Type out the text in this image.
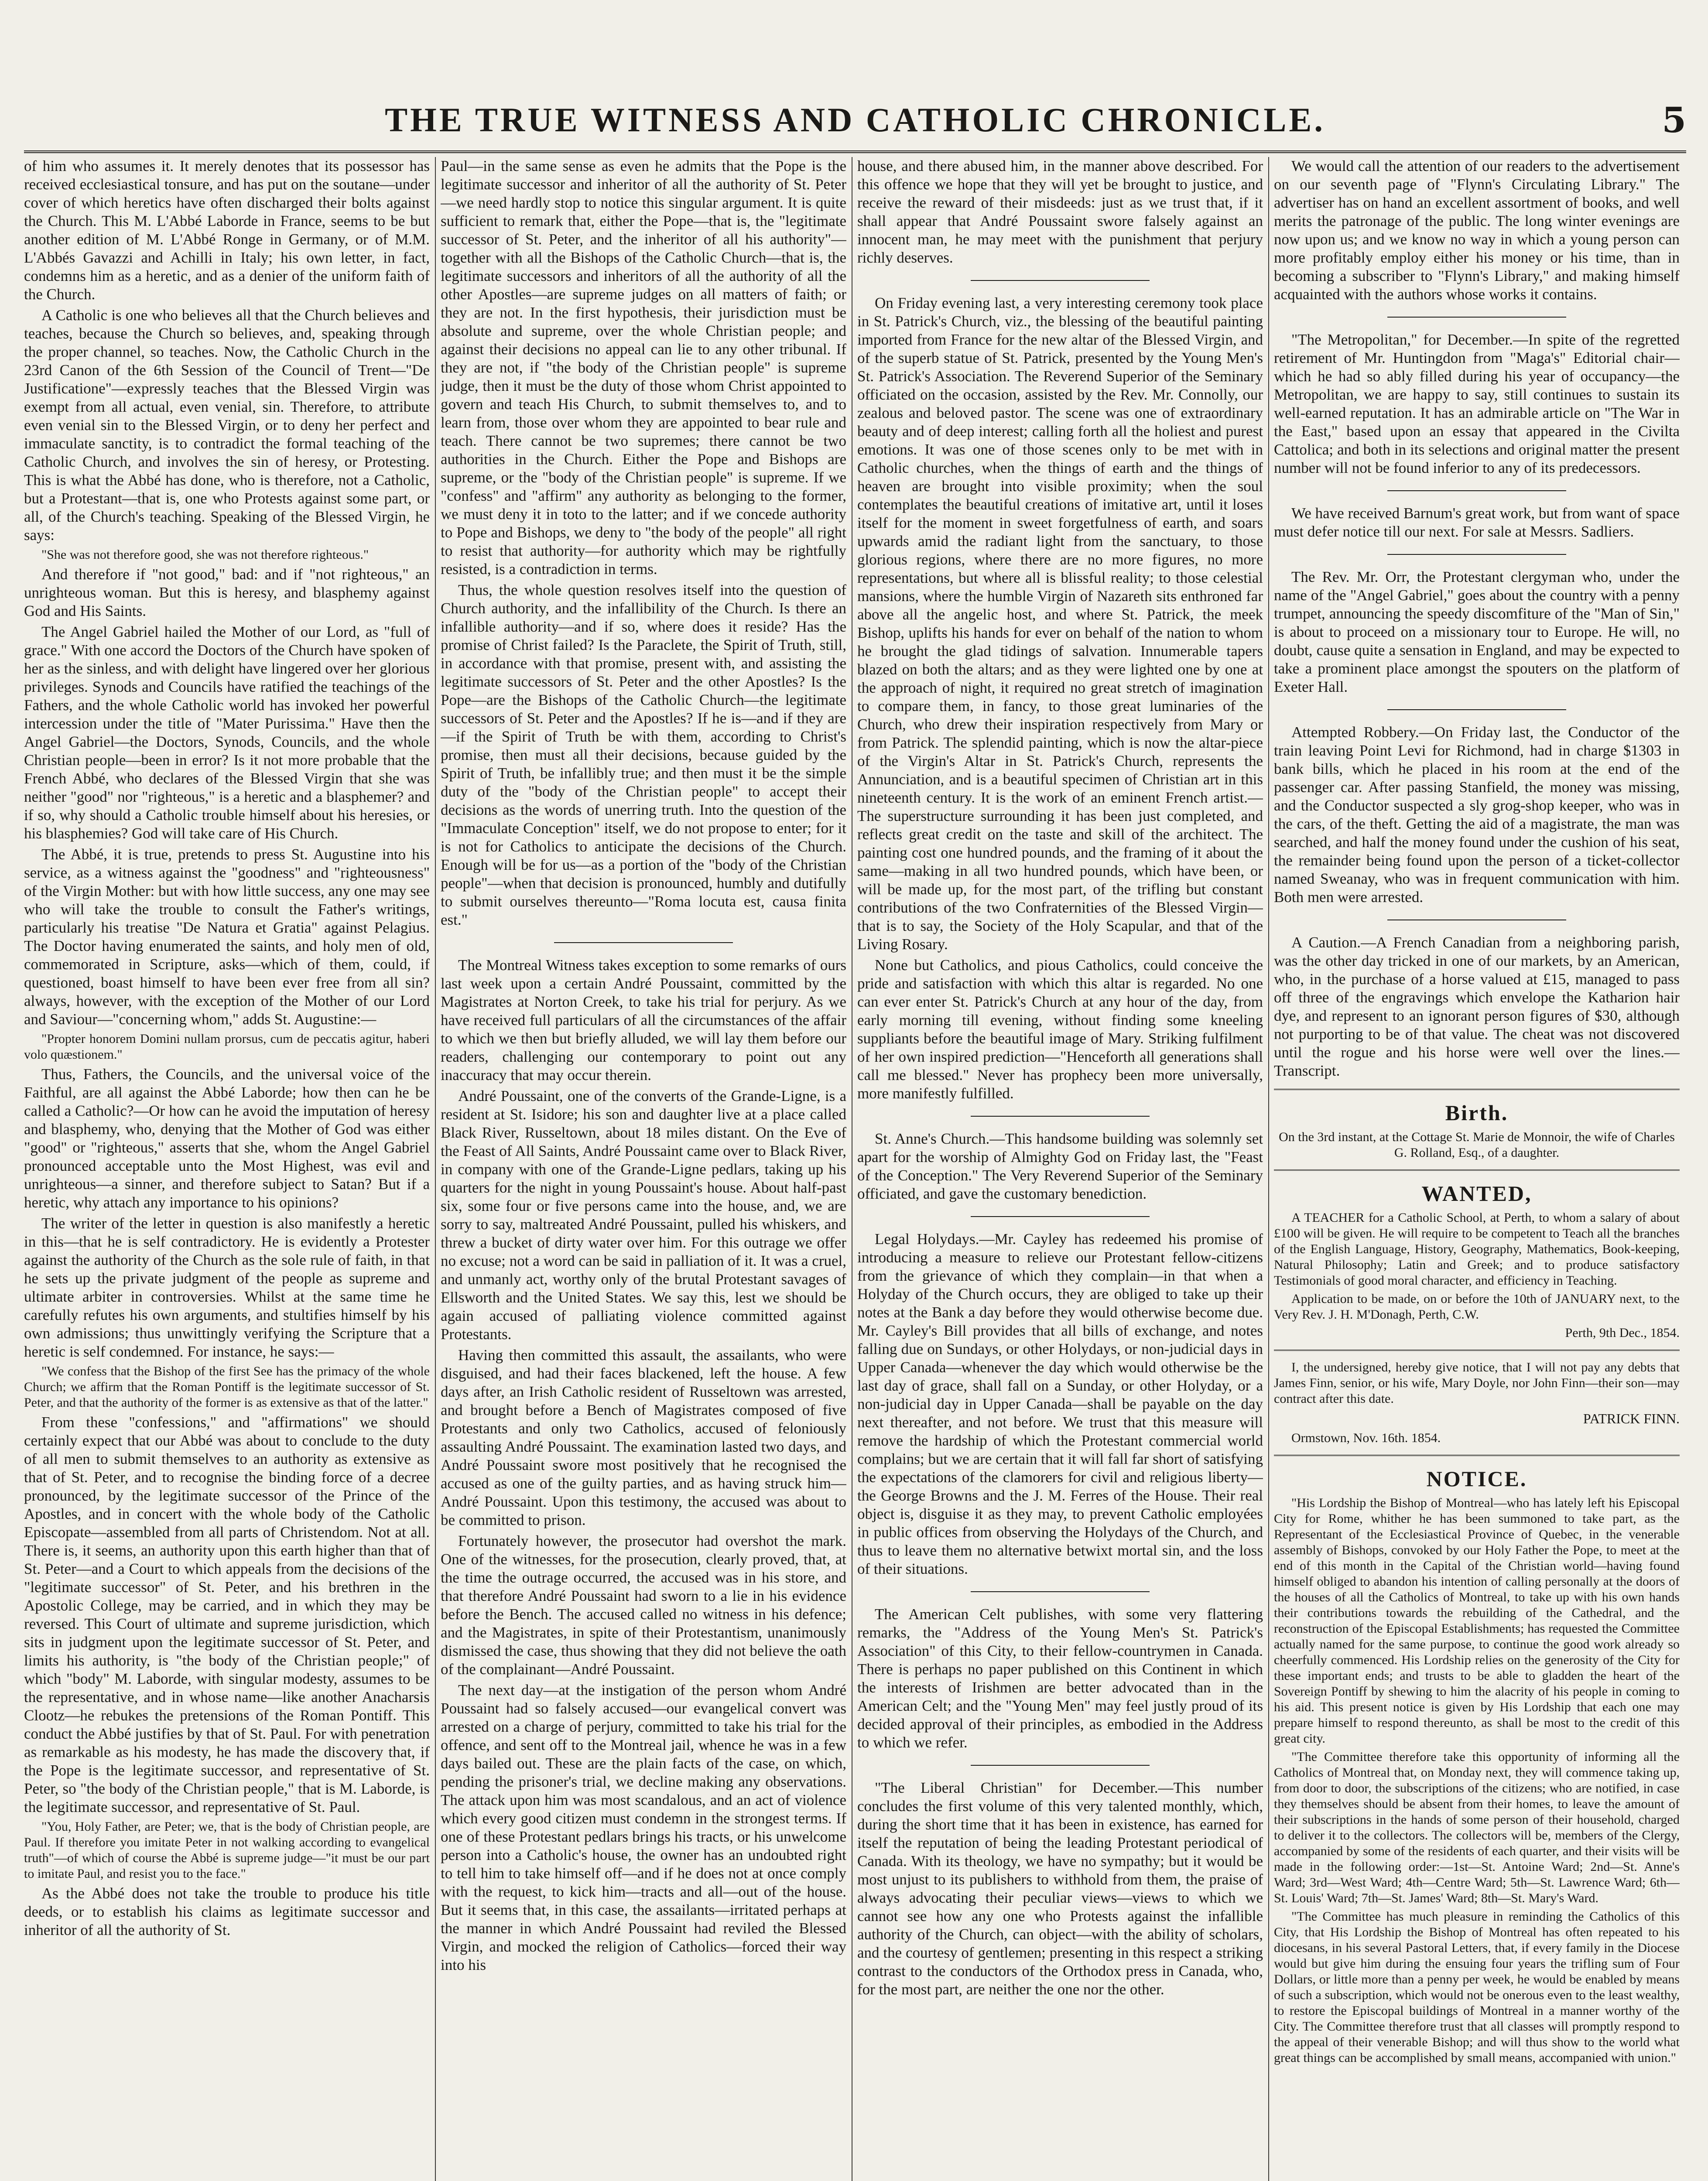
THE TRUE WITNESS AND CATHOLIC CHRONICLE.	5

of him who assumes it. It merely denotes that its possessor has received ecclesiastical tonsure, and has put on the soutane—under cover of which heretics have often discharged their bolts against the Church. This M. L'Abbé Laborde in France, seems to be but another edition of M. L'Abbé Ronge in Germany, or of M.M. L'Abbés Gavazzi and Achilli in Italy; his own letter, in fact, condemns him as a heretic, and as a denier of the uniform faith of the Church.

A Catholic is one who believes all that the Church believes and teaches, because the Church so believes, and, speaking through the proper channel, so teaches. Now, the Catholic Church in the 23rd Canon of the 6th Session of the Council of Trent—"De Justificatione"—expressly teaches that the Blessed Virgin was exempt from all actual, even venial, sin. Therefore, to attribute even venial sin to the Blessed Virgin, or to deny her perfect and immaculate sanctity, is to contradict the formal teaching of the Catholic Church, and involves the sin of heresy, or Protesting. This is what the Abbé has done, who is therefore, not a Catholic, but a Protestant—that is, one who Protests against some part, or all, of the Church's teaching. Speaking of the Blessed Virgin, he says:

"She was not therefore good, she was not therefore righteous."

And therefore if "not good," bad: and if "not righteous," an unrighteous woman. But this is heresy, and blasphemy against God and His Saints.

The Angel Gabriel hailed the Mother of our Lord, as "full of grace." With one accord the Doctors of the Church have spoken of her as the sinless, and with delight have lingered over her glorious privileges. Synods and Councils have ratified the teachings of the Fathers, and the whole Catholic world has invoked her powerful intercession under the title of "Mater Purissima." Have then the Angel Gabriel—the Doctors, Synods, Councils, and the whole Christian people—been in error? Is it not more probable that the French Abbé, who declares of the Blessed Virgin that she was neither "good" nor "righteous," is a heretic and a blasphemer? and if so, why should a Catholic trouble himself about his heresies, or his blasphemies? God will take care of His Church.

The Abbé, it is true, pretends to press St. Augustine into his service, as a witness against the "goodness" and "righteousness" of the Virgin Mother: but with how little success, any one may see who will take the trouble to consult the Father's writings, particularly his treatise "De Natura et Gratia" against Pelagius. The Doctor having enumerated the saints, and holy men of old, commemorated in Scripture, asks—which of them, could, if questioned, boast himself to have been ever free from all sin? always, however, with the exception of the Mother of our Lord and Saviour—"concerning whom," adds St. Augustine:—

"Propter honorem Domini nullam prorsus, cum de peccatis agitur, haberi volo quæstionem."

Thus, Fathers, the Councils, and the universal voice of the Faithful, are all against the Abbé Laborde; how then can he be called a Catholic?—Or how can he avoid the imputation of heresy and blasphemy, who, denying that the Mother of God was either "good" or "righteous," asserts that she, whom the Angel Gabriel pronounced acceptable unto the Most Highest, was evil and unrighteous—a sinner, and therefore subject to Satan? But if a heretic, why attach any importance to his opinions?

The writer of the letter in question is also manifestly a heretic in this—that he is self contradictory. He is evidently a Protester against the authority of the Church as the sole rule of faith, in that he sets up the private judgment of the people as supreme and ultimate arbiter in controversies. Whilst at the same time he carefully refutes his own arguments, and stultifies himself by his own admissions; thus unwittingly verifying the Scripture that a heretic is self condemned. For instance, he says:—

"We confess that the Bishop of the first See has the primacy of the whole Church; we affirm that the Roman Pontiff is the legitimate successor of St. Peter, and that the authority of the former is as extensive as that of the latter."

From these "confessions," and "affirmations" we should certainly expect that our Abbé was about to conclude to the duty of all men to submit themselves to an authority as extensive as that of St. Peter, and to recognise the binding force of a decree pronounced, by the legitimate successor of the Prince of the Apostles, and in concert with the whole body of the Catholic Episcopate—assembled from all parts of Christendom. Not at all. There is, it seems, an authority upon this earth higher than that of St. Peter—and a Court to which appeals from the decisions of the "legitimate successor" of St. Peter, and his brethren in the Apostolic College, may be carried, and in which they may be reversed. This Court of ultimate and supreme jurisdiction, which sits in judgment upon the legitimate successor of St. Peter, and limits his authority, is "the body of the Christian people;" of which "body" M. Laborde, with singular modesty, assumes to be the representative, and in whose name—like another Anacharsis Clootz—he rebukes the pretensions of the Roman Pontiff. This conduct the Abbé justifies by that of St. Paul. For with penetration as remarkable as his modesty, he has made the discovery that, if the Pope is the legitimate successor, and representative of St. Peter, so "the body of the Christian people," that is M. Laborde, is the legitimate successor, and representative of St. Paul.

"You, Holy Father, are Peter; we, that is the body of Christian people, are Paul. If therefore you imitate Peter in not walking according to evangelical truth"—of which of course the Abbé is supreme judge—"it must be our part to imitate Paul, and resist you to the face."

As the Abbé does not take the trouble to produce his title deeds, or to establish his claims as legitimate successor and inheritor of all the authority of St.

Paul—in the same sense as even he admits that the Pope is the legitimate successor and inheritor of all the authority of St. Peter—we need hardly stop to notice this singular argument. It is quite sufficient to remark that, either the Pope—that is, the "legitimate successor of St. Peter, and the inheritor of all his authority"—together with all the Bishops of the Catholic Church—that is, the legitimate successors and inheritors of all the authority of all the other Apostles—are supreme judges on all matters of faith; or they are not. In the first hypothesis, their jurisdiction must be absolute and supreme, over the whole Christian people; and against their decisions no appeal can lie to any other tribunal. If they are not, if "the body of the Christian people" is supreme judge, then it must be the duty of those whom Christ appointed to govern and teach His Church, to submit themselves to, and to learn from, those over whom they are appointed to bear rule and teach. There cannot be two supremes; there cannot be two authorities in the Church. Either the Pope and Bishops are supreme, or the "body of the Christian people" is supreme. If we "confess" and "affirm" any authority as belonging to the former, we must deny it in toto to the latter; and if we concede authority to Pope and Bishops, we deny to "the body of the people" all right to resist that authority—for authority which may be rightfully resisted, is a contradiction in terms.

Thus, the whole question resolves itself into the question of Church authority, and the infallibility of the Church. Is there an infallible authority—and if so, where does it reside? Has the promise of Christ failed? Is the Paraclete, the Spirit of Truth, still, in accordance with that promise, present with, and assisting the legitimate successors of St. Peter and the other Apostles? Is the Pope—are the Bishops of the Catholic Church—the legitimate successors of St. Peter and the Apostles? If he is—and if they are—if the Spirit of Truth be with them, according to Christ's promise, then must all their decisions, because guided by the Spirit of Truth, be infallibly true; and then must it be the simple duty of the "body of the Christian people" to accept their decisions as the words of unerring truth. Into the question of the "Immaculate Conception" itself, we do not propose to enter; for it is not for Catholics to anticipate the decisions of the Church. Enough will be for us—as a portion of the "body of the Christian people"—when that decision is pronounced, humbly and dutifully to submit ourselves thereunto—"Roma locuta est, causa finita est."

The Montreal Witness takes exception to some remarks of ours last week upon a certain André Poussaint, committed by the Magistrates at Norton Creek, to take his trial for perjury. As we have received full particulars of all the circumstances of the affair to which we then but briefly alluded, we will lay them before our readers, challenging our contemporary to point out any inaccuracy that may occur therein.

André Poussaint, one of the converts of the Grande-Ligne, is a resident at St. Isidore; his son and daughter live at a place called Black River, Russeltown, about 18 miles distant. On the Eve of the Feast of All Saints, André Poussaint came over to Black River, in company with one of the Grande-Ligne pedlars, taking up his quarters for the night in young Poussaint's house. About half-past six, some four or five persons came into the house, and, we are sorry to say, maltreated André Poussaint, pulled his whiskers, and threw a bucket of dirty water over him. For this outrage we offer no excuse; not a word can be said in palliation of it. It was a cruel, and unmanly act, worthy only of the brutal Protestant savages of Ellsworth and the United States. We say this, lest we should be again accused of palliating violence committed against Protestants.

Having then committed this assault, the assailants, who were disguised, and had their faces blackened, left the house. A few days after, an Irish Catholic resident of Russeltown was arrested, and brought before a Bench of Magistrates composed of five Protestants and only two Catholics, accused of feloniously assaulting André Poussaint. The examination lasted two days, and André Poussaint swore most positively that he recognised the accused as one of the guilty parties, and as having struck him—André Poussaint. Upon this testimony, the accused was about to be committed to prison.

Fortunately however, the prosecutor had overshot the mark. One of the witnesses, for the prosecution, clearly proved, that, at the time the outrage occurred, the accused was in his store, and that therefore André Poussaint had sworn to a lie in his evidence before the Bench. The accused called no witness in his defence; and the Magistrates, in spite of their Protestantism, unanimously dismissed the case, thus showing that they did not believe the oath of the complainant—André Poussaint.

The next day—at the instigation of the person whom André Poussaint had so falsely accused—our evangelical convert was arrested on a charge of perjury, committed to take his trial for the offence, and sent off to the Montreal jail, whence he was in a few days bailed out. These are the plain facts of the case, on which, pending the prisoner's trial, we decline making any observations. The attack upon him was most scandalous, and an act of violence which every good citizen must condemn in the strongest terms. If one of these Protestant pedlars brings his tracts, or his unwelcome person into a Catholic's house, the owner has an undoubted right to tell him to take himself off—and if he does not at once comply with the request, to kick him—tracts and all—out of the house. But it seems that, in this case, the assailants—irritated perhaps at the manner in which André Poussaint had reviled the Blessed Virgin, and mocked the religion of Catholics—forced their way into his

house, and there abused him, in the manner above described. For this offence we hope that they will yet be brought to justice, and receive the reward of their misdeeds: just as we trust that, if it shall appear that André Poussaint swore falsely against an innocent man, he may meet with the punishment that perjury richly deserves.

On Friday evening last, a very interesting ceremony took place in St. Patrick's Church, viz., the blessing of the beautiful painting imported from France for the new altar of the Blessed Virgin, and of the superb statue of St. Patrick, presented by the Young Men's St. Patrick's Association. The Reverend Superior of the Seminary officiated on the occasion, assisted by the Rev. Mr. Connolly, our zealous and beloved pastor. The scene was one of extraordinary beauty and of deep interest; calling forth all the holiest and purest emotions. It was one of those scenes only to be met with in Catholic churches, when the things of earth and the things of heaven are brought into visible proximity; when the soul contemplates the beautiful creations of imitative art, until it loses itself for the moment in sweet forgetfulness of earth, and soars upwards amid the radiant light from the sanctuary, to those glorious regions, where there are no more figures, no more representations, but where all is blissful reality; to those celestial mansions, where the humble Virgin of Nazareth sits enthroned far above all the angelic host, and where St. Patrick, the meek Bishop, uplifts his hands for ever on behalf of the nation to whom he brought the glad tidings of salvation. Innumerable tapers blazed on both the altars; and as they were lighted one by one at the approach of night, it required no great stretch of imagination to compare them, in fancy, to those great luminaries of the Church, who drew their inspiration respectively from Mary or from Patrick. The splendid painting, which is now the altar-piece of the Virgin's Altar in St. Patrick's Church, represents the Annunciation, and is a beautiful specimen of Christian art in this nineteenth century. It is the work of an eminent French artist.—The superstructure surrounding it has been just completed, and reflects great credit on the taste and skill of the architect. The painting cost one hundred pounds, and the framing of it about the same—making in all two hundred pounds, which have been, or will be made up, for the most part, of the trifling but constant contributions of the two Confraternities of the Blessed Virgin—that is to say, the Society of the Holy Scapular, and that of the Living Rosary.

None but Catholics, and pious Catholics, could conceive the pride and satisfaction with which this altar is regarded. No one can ever enter St. Patrick's Church at any hour of the day, from early morning till evening, without finding some kneeling suppliants before the beautiful image of Mary. Striking fulfilment of her own inspired prediction—"Henceforth all generations shall call me blessed." Never has prophecy been more universally, more manifestly fulfilled.

St. Anne's Church.—This handsome building was solemnly set apart for the worship of Almighty God on Friday last, the "Feast of the Conception." The Very Reverend Superior of the Seminary officiated, and gave the customary benediction.

Legal Holydays.—Mr. Cayley has redeemed his promise of introducing a measure to relieve our Protestant fellow-citizens from the grievance of which they complain—in that when a Holyday of the Church occurs, they are obliged to take up their notes at the Bank a day before they would otherwise become due. Mr. Cayley's Bill provides that all bills of exchange, and notes falling due on Sundays, or other Holydays, or non-judicial days in Upper Canada—whenever the day which would otherwise be the last day of grace, shall fall on a Sunday, or other Holyday, or a non-judicial day in Upper Canada—shall be payable on the day next thereafter, and not before. We trust that this measure will remove the hardship of which the Protestant commercial world complains; but we are certain that it will fall far short of satisfying the expectations of the clamorers for civil and religious liberty—the George Browns and the J. M. Ferres of the House. Their real object is, disguise it as they may, to prevent Catholic employées in public offices from observing the Holydays of the Church, and thus to leave them no alternative betwixt mortal sin, and the loss of their situations.

The American Celt publishes, with some very flattering remarks, the "Address of the Young Men's St. Patrick's Association" of this City, to their fellow-countrymen in Canada. There is perhaps no paper published on this Continent in which the interests of Irishmen are better advocated than in the American Celt; and the "Young Men" may feel justly proud of its decided approval of their principles, as embodied in the Address to which we refer.

"The Liberal Christian" for December.—This number concludes the first volume of this very talented monthly, which, during the short time that it has been in existence, has earned for itself the reputation of being the leading Protestant periodical of Canada. With its theology, we have no sympathy; but it would be most unjust to its publishers to withhold from them, the praise of always advocating their peculiar views—views to which we cannot see how any one who Protests against the infallible authority of the Church, can object—with the ability of scholars, and the courtesy of gentlemen; presenting in this respect a striking contrast to the conductors of the Orthodox press in Canada, who, for the most part, are neither the one nor the other.

We would call the attention of our readers to the advertisement on our seventh page of "Flynn's Circulating Library." The advertiser has on hand an excellent assortment of books, and well merits the patronage of the public. The long winter evenings are now upon us; and we know no way in which a young person can more profitably employ either his money or his time, than in becoming a subscriber to "Flynn's Library," and making himself acquainted with the authors whose works it contains.

"The Metropolitan," for December.—In spite of the regretted retirement of Mr. Huntingdon from "Maga's" Editorial chair—which he had so ably filled during his year of occupancy—the Metropolitan, we are happy to say, still continues to sustain its well-earned reputation. It has an admirable article on "The War in the East," based upon an essay that appeared in the Civilta Cattolica; and both in its selections and original matter the present number will not be found inferior to any of its predecessors.

We have received Barnum's great work, but from want of space must defer notice till our next. For sale at Messrs. Sadliers.

The Rev. Mr. Orr, the Protestant clergyman who, under the name of the "Angel Gabriel," goes about the country with a penny trumpet, announcing the speedy discomfiture of the "Man of Sin," is about to proceed on a missionary tour to Europe. He will, no doubt, cause quite a sensation in England, and may be expected to take a prominent place amongst the spouters on the platform of Exeter Hall.

Attempted Robbery.—On Friday last, the Conductor of the train leaving Point Levi for Richmond, had in charge $1303 in bank bills, which he placed in his room at the end of the passenger car. After passing Stanfield, the money was missing, and the Conductor suspected a sly grog-shop keeper, who was in the cars, of the theft. Getting the aid of a magistrate, the man was searched, and half the money found under the cushion of his seat, the remainder being found upon the person of a ticket-collector named Sweanay, who was in frequent communication with him. Both men were arrested.

A Caution.—A French Canadian from a neighboring parish, was the other day tricked in one of our markets, by an American, who, in the purchase of a horse valued at £15, managed to pass off three of the engravings which envelope the Katharion hair dye, and represent to an ignorant person figures of $30, although not purporting to be of that value. The cheat was not discovered until the rogue and his horse were well over the lines.—Transcript.

Birth.

On the 3rd instant, at the Cottage St. Marie de Monnoir, the wife of Charles G. Rolland, Esq., of a daughter.

WANTED,

A TEACHER for a Catholic School, at Perth, to whom a salary of about £100 will be given. He will require to be competent to Teach all the branches of the English Language, History, Geography, Mathematics, Book-keeping, Natural Philosophy; Latin and Greek; and to produce satisfactory Testimonials of good moral character, and efficiency in Teaching.

Application to be made, on or before the 10th of JANUARY next, to the Very Rev. J. H. M'Donagh, Perth, C.W.

Perth, 9th Dec., 1854.

I, the undersigned, hereby give notice, that I will not pay any debts that James Finn, senior, or his wife, Mary Doyle, nor John Finn—their son—may contract after this date.

PATRICK FINN.

Ormstown, Nov. 16th. 1854.

NOTICE.

"His Lordship the Bishop of Montreal—who has lately left his Episcopal City for Rome, whither he has been summoned to take part, as the Representant of the Ecclesiastical Province of Quebec, in the venerable assembly of Bishops, convoked by our Holy Father the Pope, to meet at the end of this month in the Capital of the Christian world—having found himself obliged to abandon his intention of calling personally at the doors of the houses of all the Catholics of Montreal, to take up with his own hands their contributions towards the rebuilding of the Cathedral, and the reconstruction of the Episcopal Establishments; has requested the Committee actually named for the same purpose, to continue the good work already so cheerfully commenced. His Lordship relies on the generosity of the City for these important ends; and trusts to be able to gladden the heart of the Sovereign Pontiff by shewing to him the alacrity of his people in coming to his aid. This present notice is given by His Lordship that each one may prepare himself to respond thereunto, as shall be most to the credit of this great city.

"The Committee therefore take this opportunity of informing all the Catholics of Montreal that, on Monday next, they will commence taking up, from door to door, the subscriptions of the citizens; who are notified, in case they themselves should be absent from their homes, to leave the amount of their subscriptions in the hands of some person of their household, charged to deliver it to the collectors. The collectors will be, members of the Clergy, accompanied by some of the residents of each quarter, and their visits will be made in the following order:—1st—St. Antoine Ward; 2nd—St. Anne's Ward; 3rd—West Ward; 4th—Centre Ward; 5th—St. Lawrence Ward; 6th—St. Louis' Ward; 7th—St. James' Ward; 8th—St. Mary's Ward.

"The Committee has much pleasure in reminding the Catholics of this City, that His Lordship the Bishop of Montreal has often repeated to his diocesans, in his several Pastoral Letters, that, if every family in the Diocese would but give him during the ensuing four years the trifling sum of Four Dollars, or little more than a penny per week, he would be enabled by means of such a subscription, which would not be onerous even to the least wealthy, to restore the Episcopal buildings of Montreal in a manner worthy of the City. The Committee therefore trust that all classes will promptly respond to the appeal of their venerable Bishop; and will thus show to the world what great things can be accomplished by small means, accompanied with union."
